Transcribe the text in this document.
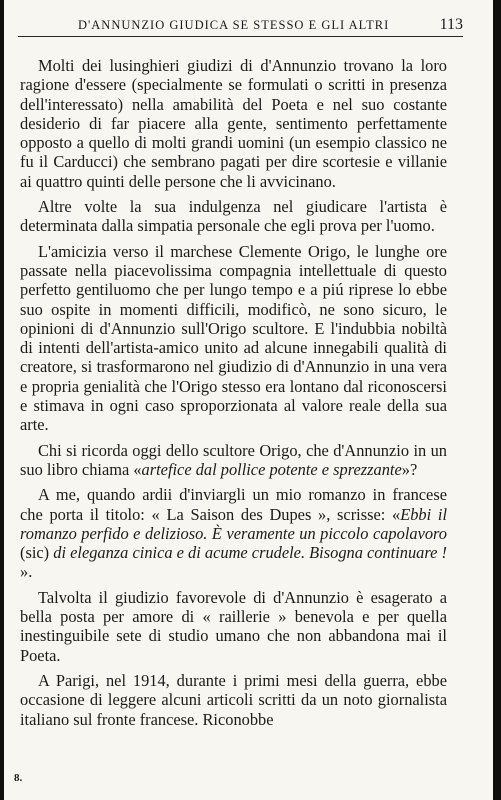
D'ANNUNZIO GIUDICA SE STESSO E GLI ALTRI	113

Molti dei lusinghieri giudizi di d'Annunzio trovano la loro ragione d'essere (specialmente se formulati o scritti in presenza dell'interessato) nella amabilità del Poeta e nel suo costante desiderio di far piacere alla gente, sentimento perfettamente opposto a quello di molti grandi uomini (un esempio classico ne fu il Carducci) che sembrano pagati per dire scortesie e villanie ai quattro quinti delle persone che li avvicinano.

Altre volte la sua indulgenza nel giudicare l'artista è determinata dalla simpatia personale che egli prova per l'uomo.

L'amicizia verso il marchese Clemente Origo, le lunghe ore passate nella piacevolissima compagnia intellettuale di questo perfetto gentiluomo che per lungo tempo e a piú riprese lo ebbe suo ospite in momenti difficili, modificò, ne sono sicuro, le opinioni di d'Annunzio sull'Origo scultore. E l'indubbia nobiltà di intenti dell'artista-amico unito ad alcune innegabili qualità di creatore, si trasformarono nel giudizio di d'Annunzio in una vera e propria genialità che l'Origo stesso era lontano dal riconoscersi e stimava in ogni caso sproporzionata al valore reale della sua arte.

Chi si ricorda oggi dello scultore Origo, che d'Annunzio in un suo libro chiama «artefice dal pollice potente e sprezzante»?

A me, quando ardii d'inviargli un mio romanzo in francese che porta il titolo: « La Saison des Dupes », scrisse: «Ebbi il romanzo perfido e delizioso. È veramente un piccolo capolavoro (sic) di eleganza cinica e di acume crudele. Bisogna continuare ! ».

Talvolta il giudizio favorevole di d'Annunzio è esagerato a bella posta per amore di « raillerie » benevola e per quella inestinguibile sete di studio umano che non abbandona mai il Poeta.

A Parigi, nel 1914, durante i primi mesi della guerra, ebbe occasione di leggere alcuni articoli scritti da un noto giornalista italiano sul fronte francese. Riconobbe

8.
